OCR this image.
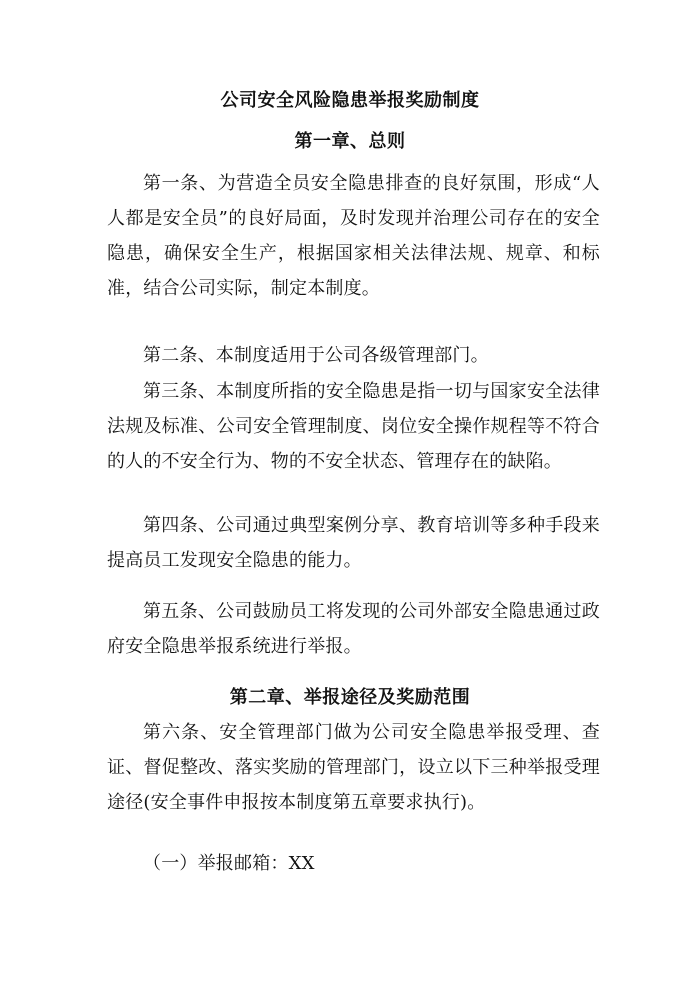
公司安全风险隐患举报奖励制度
第一章、总则

第一条、为营造全员安全隐患排查的良好氛围，形成“人人都是安全员”的良好局面，及时发现并治理公司存在的安全隐患，确保安全生产，根据国家相关法律法规、规章、和标准，结合公司实际，制定本制度。

第二条、本制度适用于公司各级管理部门。

第三条、本制度所指的安全隐患是指一切与国家安全法律法规及标准、公司安全管理制度、岗位安全操作规程等不符合的人的不安全行为、物的不安全状态、管理存在的缺陷。

第四条、公司通过典型案例分享、教育培训等多种手段来提高员工发现安全隐患的能力。

第五条、公司鼓励员工将发现的公司外部安全隐患通过政府安全隐患举报系统进行举报。

第二章、举报途径及奖励范围

第六条、安全管理部门做为公司安全隐患举报受理、查证、督促整改、落实奖励的管理部门，设立以下三种举报受理途径(安全事件申报按本制度第五章要求执行)。

（一）举报邮箱：XX
